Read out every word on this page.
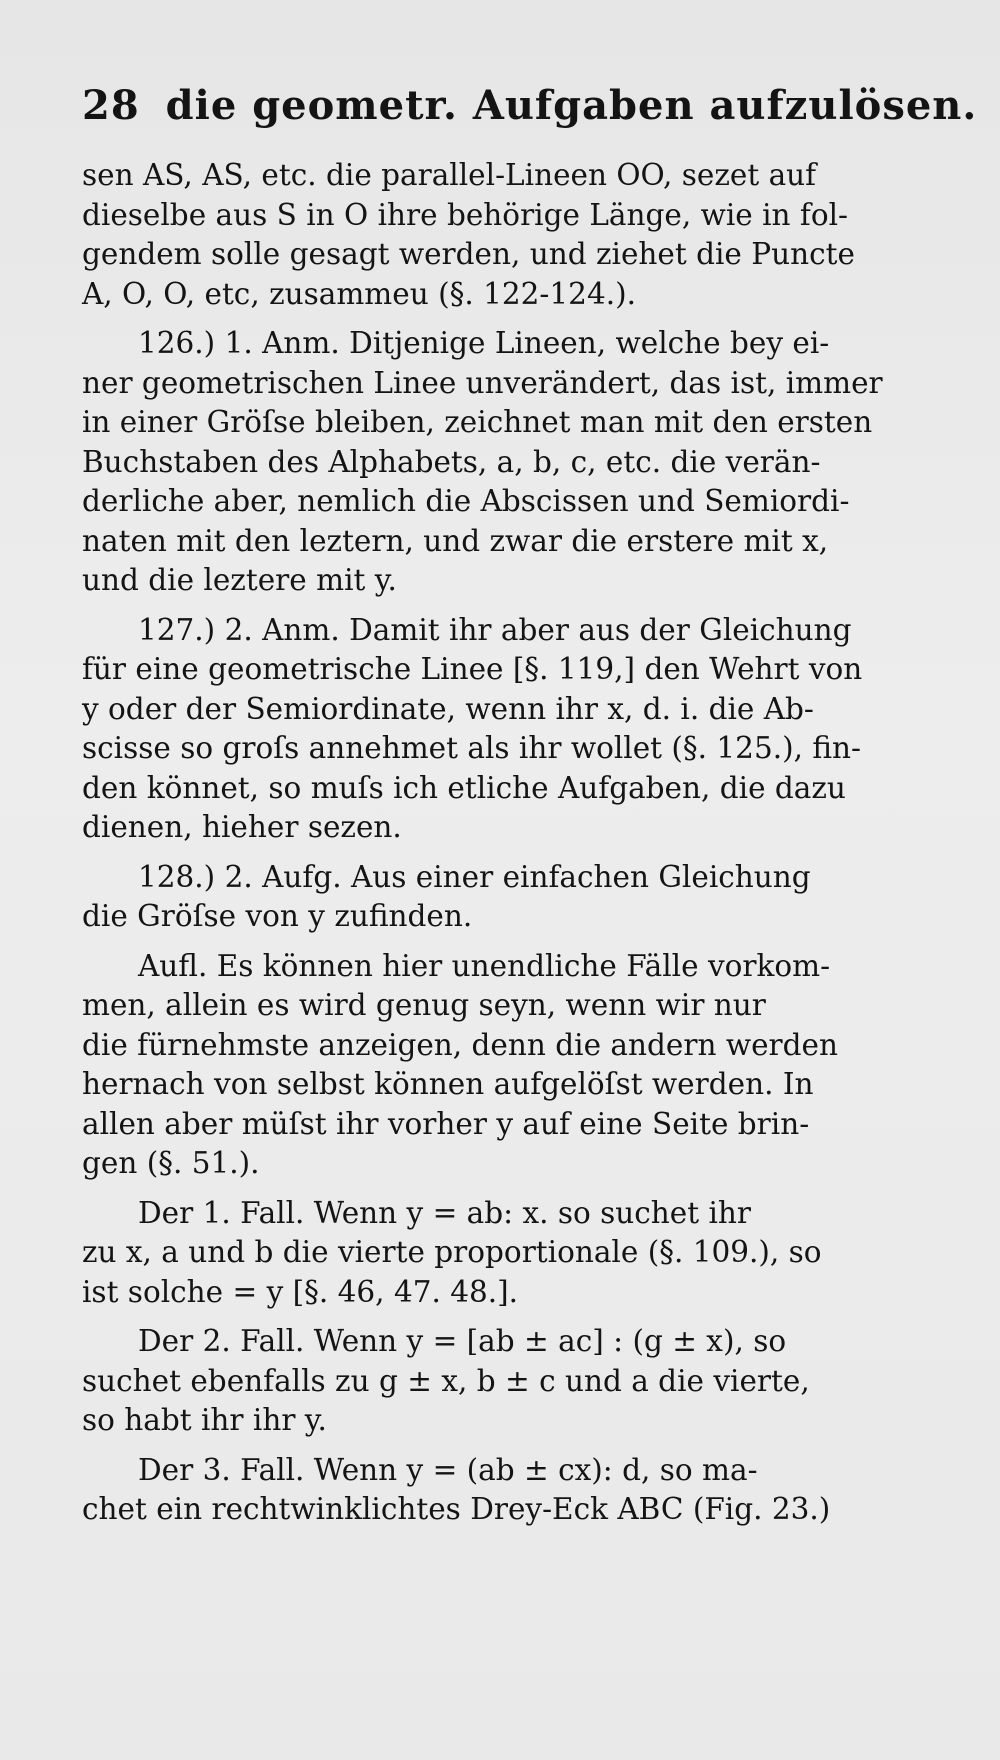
28 die geometr. Aufgaben aufzulösen.
sen AS, AS, etc. die parallel-Lineen OO, sezet auf
dieselbe aus S in O ihre behörige Länge, wie in fol-
gendem solle gesagt werden, und ziehet die Puncte
A, O, O, etc, zusammeu (§. 122-124.).
126.) 1. Anm. Ditjenige Lineen, welche bey ei-
ner geometrischen Linee unverändert, das ist, immer
in einer Gröſse bleiben, zeichnet man mit den ersten
Buchstaben des Alphabets, a, b, c, etc. die verän-
derliche aber, nemlich die Abscissen und Semiordi-
naten mit den leztern, und zwar die erstere mit x,
und die leztere mit y.
127.) 2. Anm. Damit ihr aber aus der Gleichung
für eine geometrische Linee [§. 119,] den Wehrt von
y oder der Semiordinate, wenn ihr x, d. i. die Ab-
scisse so groſs annehmet als ihr wollet (§. 125.), fin-
den könnet, so muſs ich etliche Aufgaben, die dazu
dienen, hieher sezen.
128.) 2. Aufg. Aus einer einfachen Gleichung
die Gröſse von y zufinden.
Aufl. Es können hier unendliche Fälle vorkom-
men, allein es wird genug seyn, wenn wir nur
die fürnehmste anzeigen, denn die andern werden
hernach von selbst können aufgelöſst werden. In
allen aber müſst ihr vorher y auf eine Seite brin-
gen (§. 51.).
Der 1. Fall. Wenn y = ab: x. so suchet ihr
zu x, a und b die vierte proportionale (§. 109.), so
ist solche = y [§. 46, 47. 48.].
Der 2. Fall. Wenn y = [ab ± ac] : (g ± x), so
suchet ebenfalls zu g ± x, b ± c und a die vierte,
so habt ihr ihr y.
Der 3. Fall. Wenn y = (ab ± cx): d, so ma-
chet ein rechtwinklichtes Drey-Eck ABC (Fig. 23.)
